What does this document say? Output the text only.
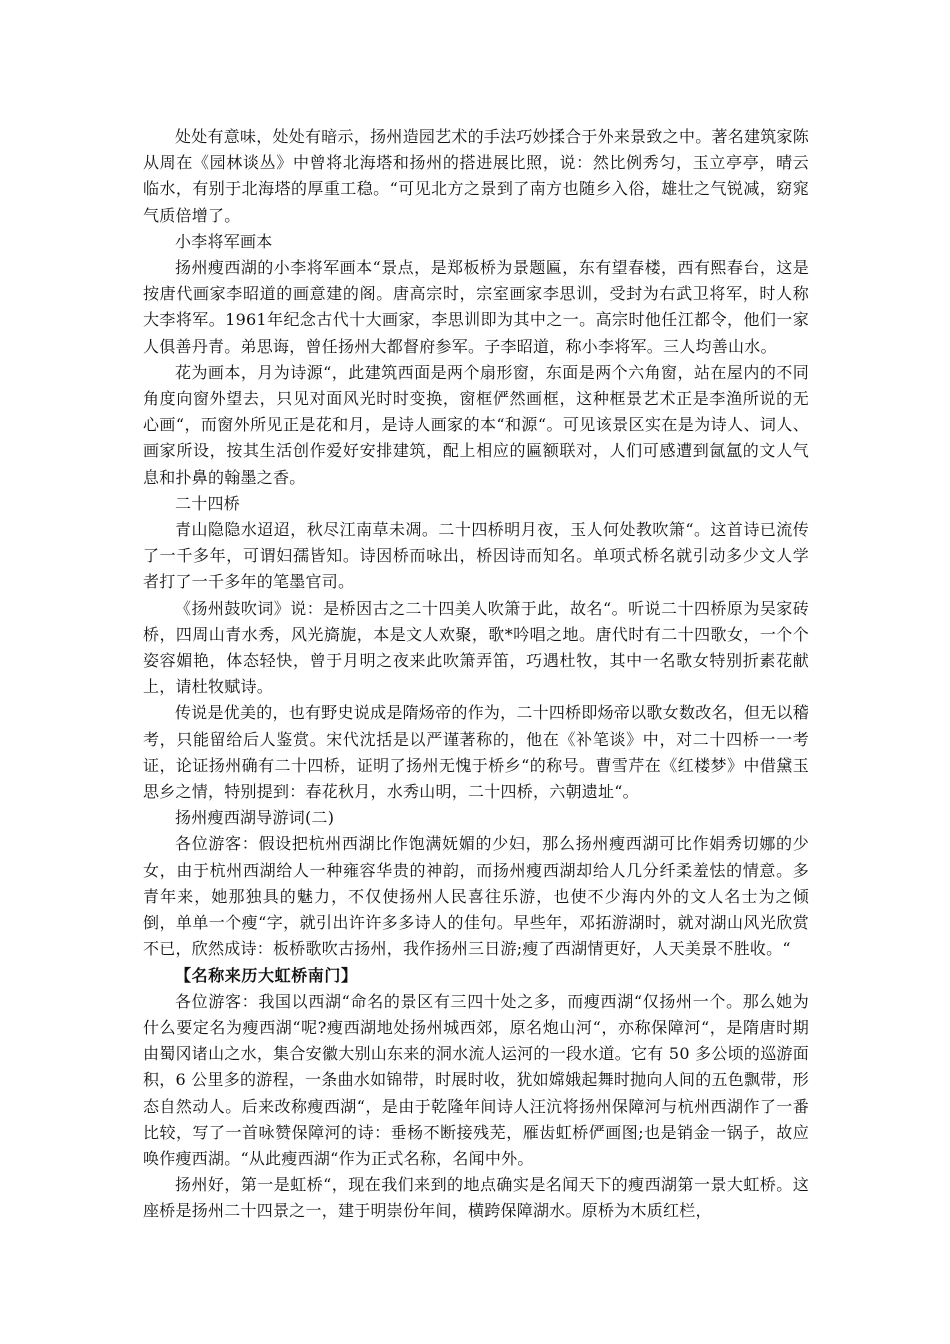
处处有意味，处处有暗示，扬州造园艺术的手法巧妙揉合于外来景致之中。著名建筑家陈从周在《园林谈丛》中曾将北海塔和扬州的搭进展比照，说：然比例秀匀，玉立亭亭，晴云临水，有别于北海塔的厚重工稳。“可见北方之景到了南方也随乡入俗，雄壮之气锐减，窈窕气质倍增了。

小李将军画本

扬州瘦西湖的小李将军画本“景点，是郑板桥为景题匾，东有望春楼，西有熙春台，这是按唐代画家李昭道的画意建的阁。唐高宗时，宗室画家李思训，受封为右武卫将军，时人称大李将军。1961年纪念古代十大画家，李思训即为其中之一。高宗时他任江都令，他们一家人俱善丹青。弟思诲，曾任扬州大都督府参军。子李昭道，称小李将军。三人均善山水。

花为画本，月为诗源“，此建筑西面是两个扇形窗，东面是两个六角窗，站在屋内的不同角度向窗外望去，只见对面风光时时变换，窗框俨然画框，这种框景艺术正是李渔所说的无心画“，而窗外所见正是花和月，是诗人画家的本“和源“。可见该景区实在是为诗人、词人、画家所设，按其生活创作爱好安排建筑，配上相应的匾额联对，人们可感遭到氤氲的文人气息和扑鼻的翰墨之香。

二十四桥

青山隐隐水迢迢，秋尽江南草未凋。二十四桥明月夜，玉人何处教吹箫“。这首诗已流传了一千多年，可谓妇孺皆知。诗因桥而咏出，桥因诗而知名。单项式桥名就引动多少文人学者打了一千多年的笔墨官司。

《扬州鼓吹词》说：是桥因古之二十四美人吹箫于此，故名“。听说二十四桥原为吴家砖桥，四周山青水秀，风光旖旎，本是文人欢聚，歌*吟唱之地。唐代时有二十四歌女，一个个姿容媚艳，体态轻快，曾于月明之夜来此吹箫弄笛，巧遇杜牧，其中一名歌女特别折素花献上，请杜牧赋诗。

传说是优美的，也有野史说成是隋炀帝的作为，二十四桥即炀帝以歌女数改名，但无以稽考，只能留给后人鉴赏。宋代沈括是以严谨著称的，他在《补笔谈》中，对二十四桥一一考证，论证扬州确有二十四桥，证明了扬州无愧于桥乡“的称号。曹雪芹在《红楼梦》中借黛玉思乡之情，特别提到：春花秋月，水秀山明，二十四桥，六朝遗址“。

扬州瘦西湖导游词(二)

各位游客：假设把杭州西湖比作饱满妩媚的少妇，那么扬州瘦西湖可比作娟秀切娜的少女，由于杭州西湖给人一种雍容华贵的神韵，而扬州瘦西湖却给人几分纤柔羞怯的情意。多青年来，她那独具的魅力，不仅使扬州人民喜往乐游，也使不少海内外的文人名士为之倾倒，单单一个瘦“字，就引出许许多多诗人的佳句。早些年，邓拓游湖时，就对湖山风光欣赏不已，欣然成诗：板桥歌吹古扬州，我作扬州三日游;瘦了西湖情更好，人天美景不胜收。“

【名称来历大虹桥南门】

各位游客：我国以西湖“命名的景区有三四十处之多，而瘦西湖“仅扬州一个。那么她为什么要定名为瘦西湖“呢?瘦西湖地处扬州城西郊，原名炮山河“，亦称保障河“，是隋唐时期由蜀冈诸山之水，集合安徽大别山东来的洞水流人运河的一段水道。它有 50 多公顷的巡游面积，6 公里多的游程，一条曲水如锦带，时展时收，犹如嫦娥起舞时抛向人间的五色飘带，形态自然动人。后来改称瘦西湖“，是由于乾隆年间诗人汪沆将扬州保障河与杭州西湖作了一番比较，写了一首咏赞保障河的诗：垂杨不断接残芜，雁齿虹桥俨画图;也是销金一锅子，故应唤作瘦西湖。“从此瘦西湖“作为正式名称，名闻中外。

扬州好，第一是虹桥“，现在我们来到的地点确实是名闻天下的瘦西湖第一景大虹桥。这座桥是扬州二十四景之一，建于明崇份年间，横跨保障湖水。原桥为木质红栏，
